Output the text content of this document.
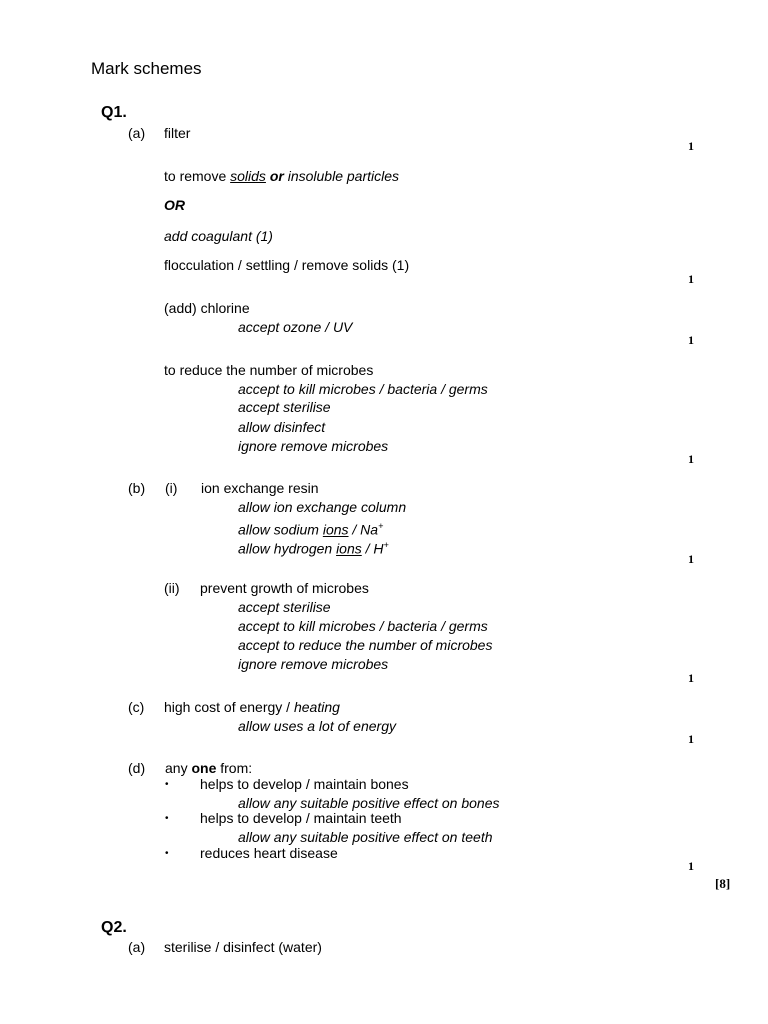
Mark schemes
Q1.
(a) filter
1
to remove solids or insoluble particles
OR
add coagulant (1)
flocculation / settling / remove solids (1)
1
(add) chlorine
accept ozone / UV
1
to reduce the number of microbes
accept to kill microbes / bacteria / germs
accept sterilise
allow disinfect
ignore remove microbes
1
(b) (i) ion exchange resin
allow ion exchange column
allow sodium ions / Na+
allow hydrogen ions / H+
1
(ii) prevent growth of microbes
accept sterilise
accept to kill microbes / bacteria / germs
accept to reduce the number of microbes
ignore remove microbes
1
(c) high cost of energy / heating
allow uses a lot of energy
1
(d) any one from:
• helps to develop / maintain bones
allow any suitable positive effect on bones
• helps to develop / maintain teeth
allow any suitable positive effect on teeth
• reduces heart disease
1
[8]
Q2.
(a) sterilise / disinfect (water)
